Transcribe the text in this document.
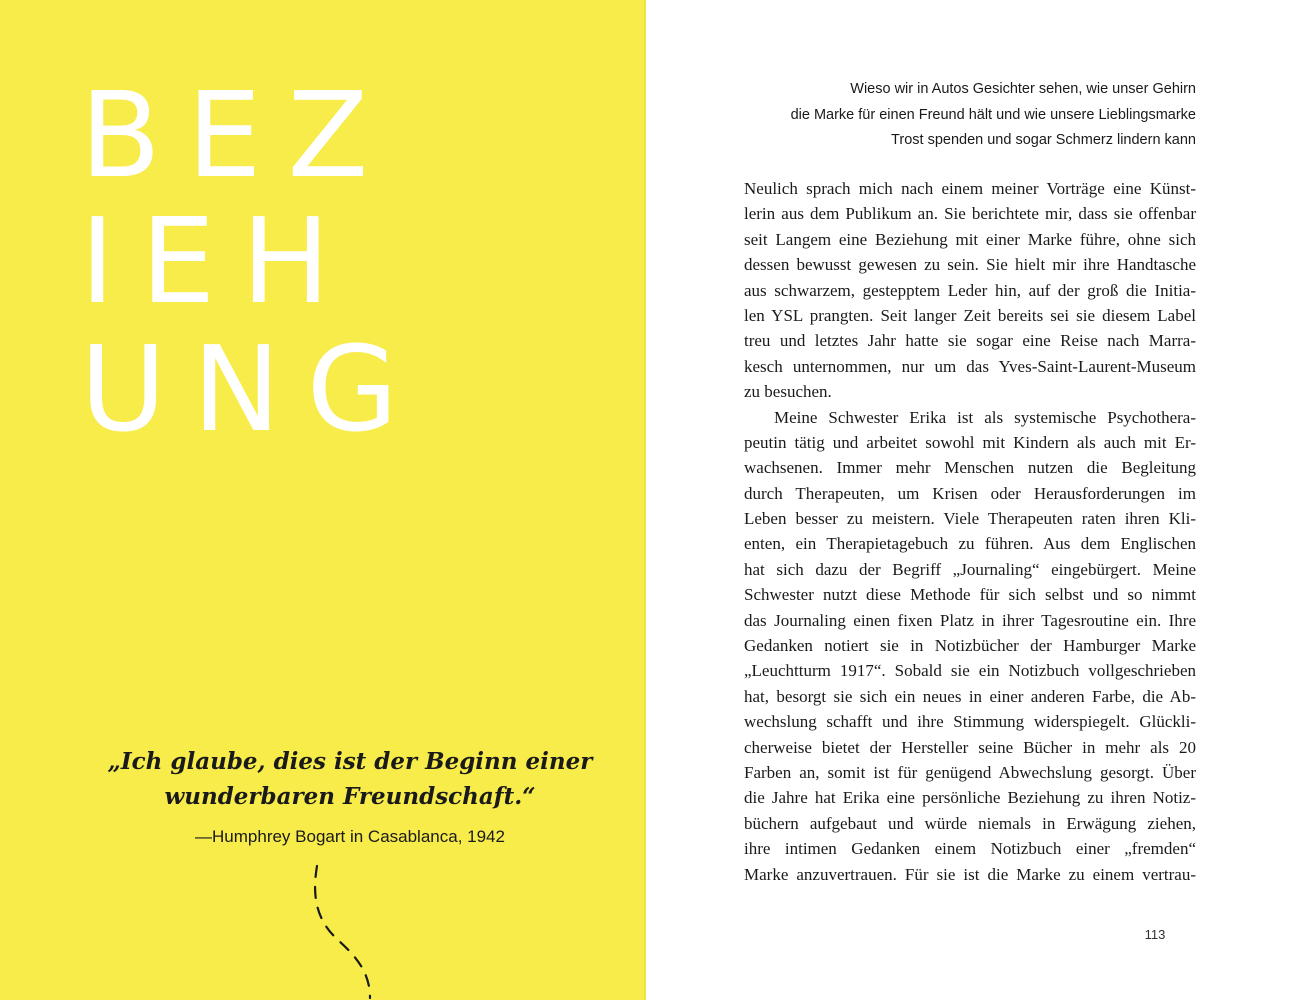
BEZ
IEH
UNG

„Ich glaube, dies ist der Beginn einer
wunderbaren Freundschaft.“

—Humphrey Bogart in Casablanca, 1942

Wieso wir in Autos Gesichter sehen, wie unser Gehirn
die Marke für einen Freund hält und wie unsere Lieblingsmarke
Trost spenden und sogar Schmerz lindern kann

Neulich sprach mich nach einem meiner Vorträge eine Künst-
lerin aus dem Publikum an. Sie berichtete mir, dass sie offenbar
seit Langem eine Beziehung mit einer Marke führe, ohne sich
dessen bewusst gewesen zu sein. Sie hielt mir ihre Handtasche
aus schwarzem, gestepptem Leder hin, auf der groß die Initia-
len YSL prangten. Seit langer Zeit bereits sei sie diesem Label
treu und letztes Jahr hatte sie sogar eine Reise nach Marra-
kesch unternommen, nur um das Yves-Saint-Laurent-Museum
zu besuchen.
Meine Schwester Erika ist als systemische Psychothera-
peutin tätig und arbeitet sowohl mit Kindern als auch mit Er-
wachsenen. Immer mehr Menschen nutzen die Begleitung
durch Therapeuten, um Krisen oder Herausforderungen im
Leben besser zu meistern. Viele Therapeuten raten ihren Kli-
enten, ein Therapietagebuch zu führen. Aus dem Englischen
hat sich dazu der Begriff „Journaling“ eingebürgert. Meine
Schwester nutzt diese Methode für sich selbst und so nimmt
das Journaling einen fixen Platz in ihrer Tagesroutine ein. Ihre
Gedanken notiert sie in Notizbücher der Hamburger Marke
„Leuchtturm 1917“. Sobald sie ein Notizbuch vollgeschrieben
hat, besorgt sie sich ein neues in einer anderen Farbe, die Ab-
wechslung schafft und ihre Stimmung widerspiegelt. Glückli-
cherweise bietet der Hersteller seine Bücher in mehr als 20
Farben an, somit ist für genügend Abwechslung gesorgt. Über
die Jahre hat Erika eine persönliche Beziehung zu ihren Notiz-
büchern aufgebaut und würde niemals in Erwägung ziehen,
ihre intimen Gedanken einem Notizbuch einer „fremden“
Marke anzuvertrauen. Für sie ist die Marke zu einem vertrau-
113
